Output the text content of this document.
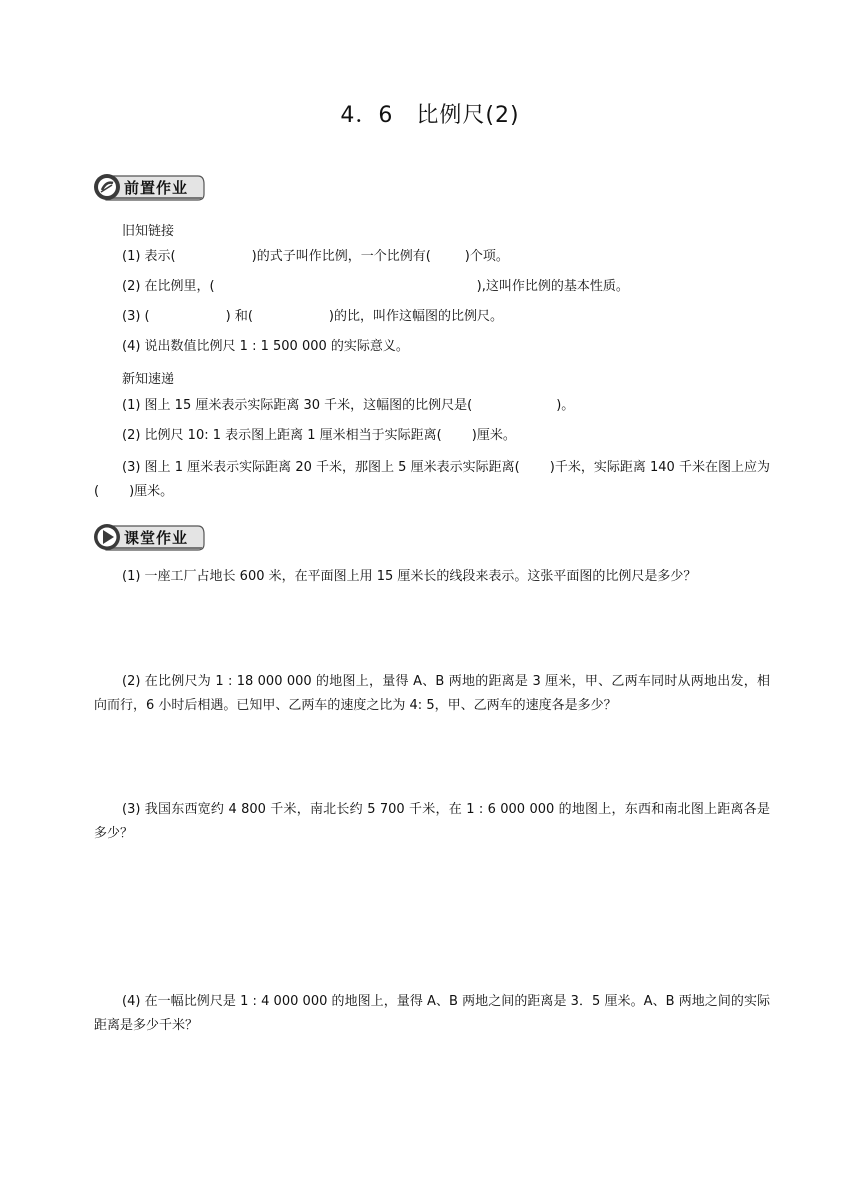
4．6　比例尺(2)
前置作业
旧知链接
(1) 表示(	)的式子叫作比例，一个比例有(	)个项。
(2) 在比例里，(	),这叫作比例的基本性质。
(3) (	) 和(	)的比，叫作这幅图的比例尺。
(4) 说出数值比例尺 1 : 1 500 000 的实际意义。
新知速递
(1) 图上 15 厘米表示实际距离 30 千米，这幅图的比例尺是(	)。
(2) 比例尺 10: 1 表示图上距离 1 厘米相当于实际距离( )厘米。
(3) 图上 1 厘米表示实际距离 20 千米，那图上 5 厘米表示实际距离( )千米，实际距离 140 千米在图上应为( )厘米。
课堂作业
(1) 一座工厂占地长 600 米，在平面图上用 15 厘米长的线段来表示。这张平面图的比例尺是多少？
(2) 在比例尺为 1 : 18 000 000 的地图上，量得 A、B 两地的距离是 3 厘米，甲、乙两车同时从两地出发，相向而行，6 小时后相遇。已知甲、乙两车的速度之比为 4: 5，甲、乙两车的速度各是多少？
(3) 我国东西宽约 4 800 千米，南北长约 5 700 千米，在 1 : 6 000 000 的地图上，东西和南北图上距离各是多少？
(4) 在一幅比例尺是 1 : 4 000 000 的地图上，量得 A、B 两地之间的距离是 3．5 厘米。A、B 两地之间的实际距离是多少千米？
